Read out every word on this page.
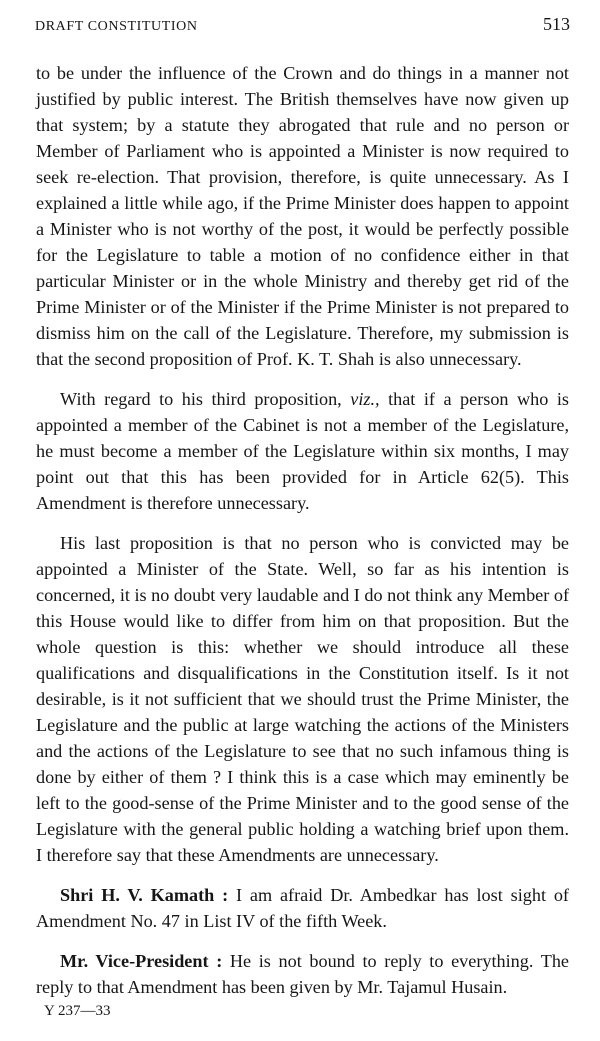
DRAFT CONSTITUTION	513

to be under the influence of the Crown and do things in a manner not justified by public interest. The British themselves have now given up that system; by a statute they abrogated that rule and no person or Member of Parliament who is appointed a Minister is now required to seek re-election. That provision, therefore, is quite unnecessary. As I explained a little while ago, if the Prime Minister does happen to appoint a Minister who is not worthy of the post, it would be perfectly possible for the Legislature to table a motion of no confidence either in that particular Minister or in the whole Ministry and thereby get rid of the Prime Minister or of the Minister if the Prime Minister is not prepared to dismiss him on the call of the Legislature. Therefore, my submission is that the second proposition of Prof. K. T. Shah is also unnecessary.

With regard to his third proposition, viz., that if a person who is appointed a member of the Cabinet is not a member of the Legislature, he must become a member of the Legislature within six months, I may point out that this has been provided for in Article 62(5). This Amendment is therefore unnecessary.

His last proposition is that no person who is convicted may be appointed a Minister of the State. Well, so far as his intention is concerned, it is no doubt very laudable and I do not think any Member of this House would like to differ from him on that proposition. But the whole question is this: whether we should introduce all these qualifications and disqualifications in the Constitution itself. Is it not desirable, is it not sufficient that we should trust the Prime Minister, the Legislature and the public at large watching the actions of the Ministers and the actions of the Legislature to see that no such infamous thing is done by either of them ? I think this is a case which may eminently be left to the good-sense of the Prime Minister and to the good sense of the Legislature with the general public holding a watching brief upon them. I therefore say that these Amendments are unnecessary.

Shri H. V. Kamath : I am afraid Dr. Ambedkar has lost sight of Amendment No. 47 in List IV of the fifth Week.

Mr. Vice-President : He is not bound to reply to everything. The reply to that Amendment has been given by Mr. Tajamul Husain.

Y 237—33
